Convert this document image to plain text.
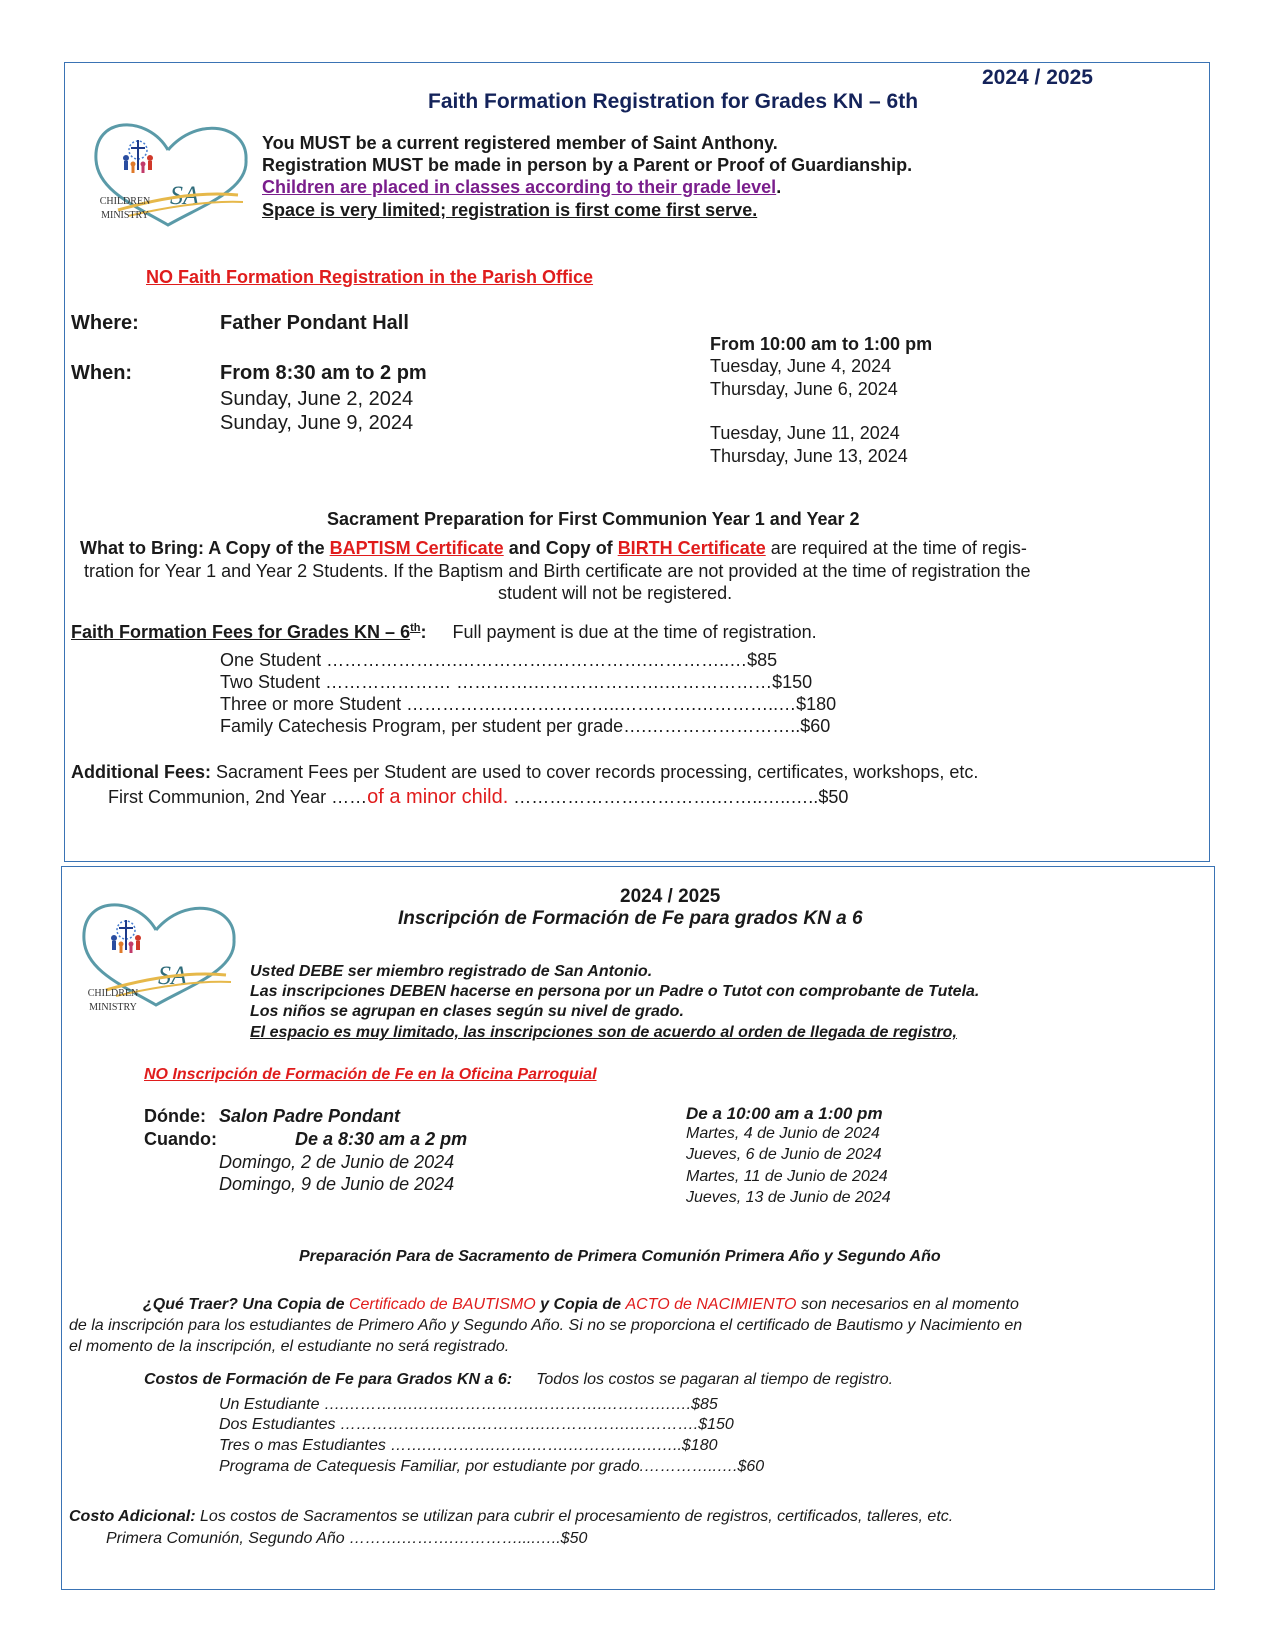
2024 / 2025
Faith Formation Registration for Grades KN – 6th
SA
CHILDREN MINISTRY
You MUST be a current registered member of Saint Anthony.
Registration MUST be made in person by a Parent or Proof of Guardianship.
Children are placed in classes according to their grade level.
Space is very limited; registration is first come first serve.
NO Faith Formation Registration in the Parish Office
Where:	Father Pondant Hall
When:	From 8:30 am to 2 pm
Sunday, June 2, 2024
Sunday, June 9, 2024
From 10:00 am to 1:00 pm
Tuesday, June 4, 2024
Thursday, June 6, 2024
Tuesday, June 11, 2024
Thursday, June 13, 2024
Sacrament Preparation for First Communion Year 1 and Year 2
What to Bring: A Copy of the BAPTISM Certificate and Copy of BIRTH Certificate are required at the time of regis-
tration for Year 1 and Year 2 Students. If the Baptism and Birth certificate are not provided at the time of registration the
student will not be registered.
Faith Formation Fees for Grades KN – 6th: Full payment is due at the time of registration.
One Student ………………….…………….…………….…………..…$85
Two Student ………………… ………….………………….………………$150
Three or more Student …………….………………..………….…………..…$180
Family Catechesis Program, per student per grade….……………………..$60
Additional Fees: Sacrament Fees per Student are used to cover records processing, certificates, workshops, etc.
First Communion, 2nd Year ……of a minor child. …………………………….……..…..…..$50
2024 / 2025
Inscripción de Formación de Fe para grados KN a 6
SA
CHILDREN MINISTRY
Usted DEBE ser miembro registrado de San Antonio.
Las inscripciones DEBEN hacerse en persona por un Padre o Tutot con comprobante de Tutela.
Los niños se agrupan en clases según su nivel de grado.
El espacio es muy limitado, las inscripciones son de acuerdo al orden de llegada de registro,
NO Inscripción de Formación de Fe en la Oficina Parroquial
Dónde: Salon Padre Pondant
Cuando:	De a 8:30 am a 2 pm
Domingo, 2 de Junio de 2024
Domingo, 9 de Junio de 2024
De a 10:00 am a 1:00 pm
Martes, 4 de Junio de 2024
Jueves, 6 de Junio de 2024
Martes, 11 de Junio de 2024
Jueves, 13 de Junio de 2024
Preparación Para de Sacramento de Primera Comunión Primera Año y Segundo Año
¿Qué Traer? Una Copia de Certificado de BAUTISMO y Copia de ACTO de NACIMIENTO son necesarios en al momento
de la inscripción para los estudiantes de Primero Año y Segundo Año. Si no se proporciona el certificado de Bautismo y Nacimiento en
el momento de la inscripción, el estudiante no será registrado.
Costos de Formación de Fe para Grados KN a 6: Todos los costos se pagaran al tiempo de registro.
Un Estudiante ….………….…….…………….………….………….….$85
Dos Estudiantes ……………….…….………….…………….………….$150
Tres o mas Estudiantes …….………….…….…….………….….…..$180
Programa de Catequesis Familiar, por estudiante por grado.…………..….$60
Costo Adicional: Los costos de Sacramentos se utilizan para cubrir el procesamiento de registros, certificados, talleres, etc.
Primera Comunión, Segundo Año ……….……….…………....…..$50
